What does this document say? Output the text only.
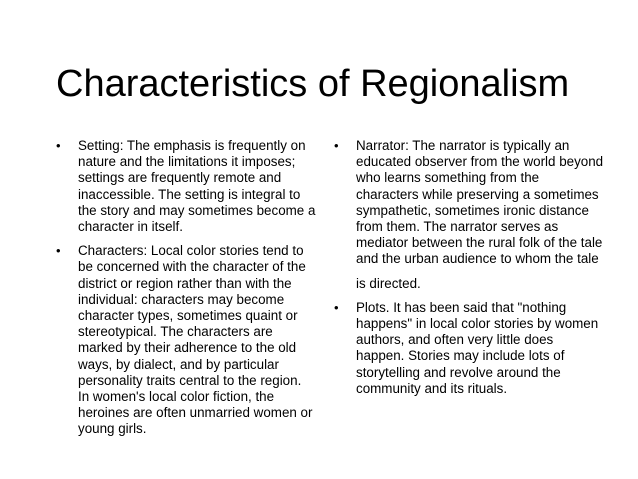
Characteristics of Regionalism
• Setting: The emphasis is frequently on nature and the limitations it imposes; settings are frequently remote and inaccessible. The setting is integral to the story and may sometimes become a character in itself.

• Characters: Local color stories tend to be concerned with the character of the district or region rather than with the individual: characters may become character types, sometimes quaint or stereotypical. The characters are marked by their adherence to the old ways, by dialect, and by particular personality traits central to the region. In women's local color fiction, the heroines are often unmarried women or young girls.

• Narrator: The narrator is typically an educated observer from the world beyond who learns something from the characters while preserving a sometimes sympathetic, sometimes ironic distance from them. The narrator serves as mediator between the rural folk of the tale and the urban audience to whom the tale

is directed.

• Plots. It has been said that "nothing happens" in local color stories by women authors, and often very little does happen. Stories may include lots of storytelling and revolve around the community and its rituals.
